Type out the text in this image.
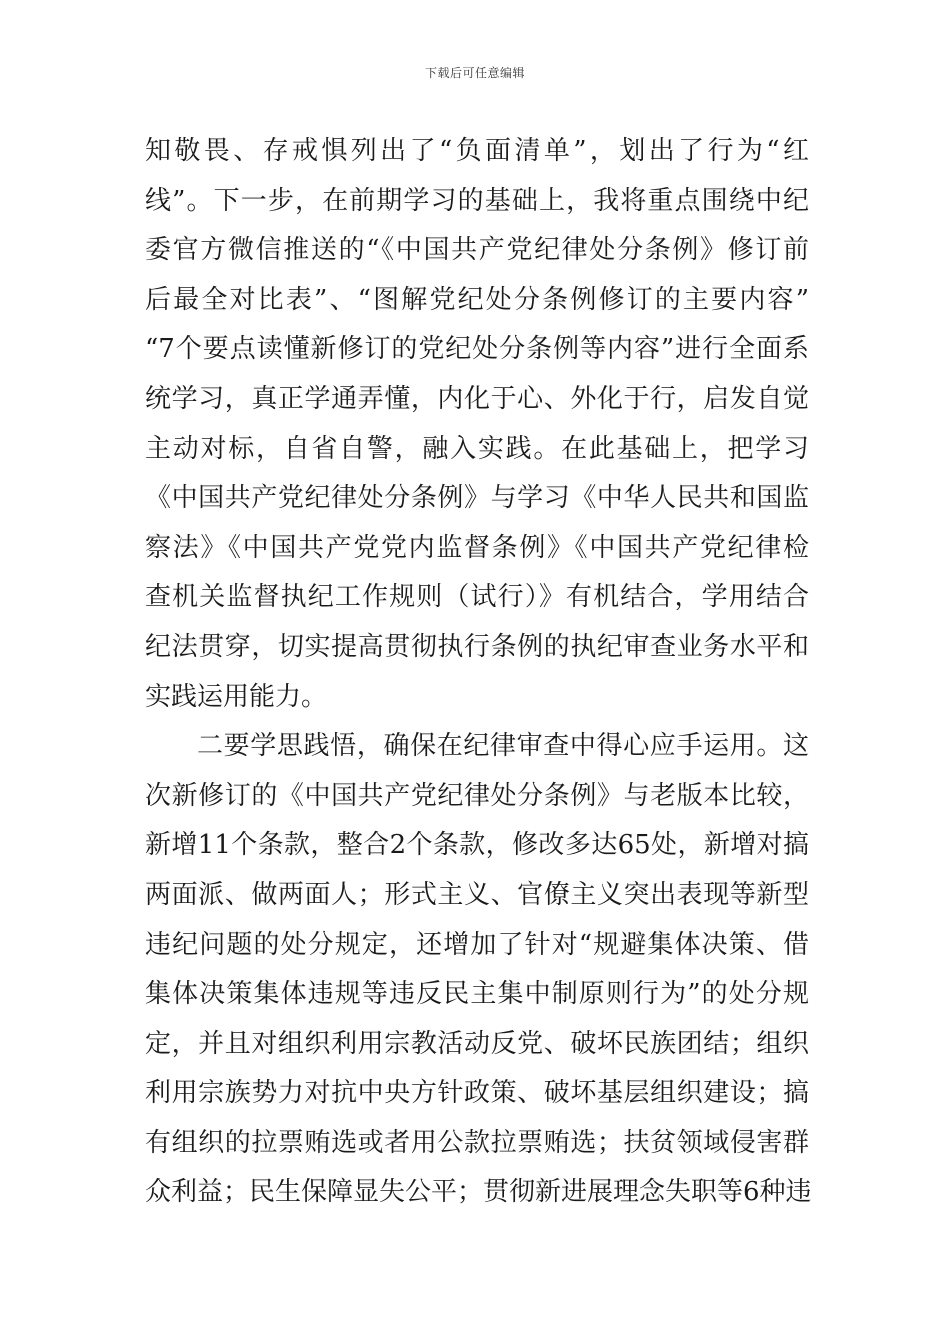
下载后可任意编辑
知敬畏、存戒惧列出了“负面清单”，划出了行为“红
线”。下一步，在前期学习的基础上，我将重点围绕中纪
委官方微信推送的“《中国共产党纪律处分条例》修订前
后最全对比表”、“图解党纪处分条例修订的主要内容”
“7个要点读懂新修订的党纪处分条例等内容”进行全面系
统学习，真正学通弄懂，内化于心、外化于行，启发自觉
主动对标，自省自警，融入实践。在此基础上，把学习
《中国共产党纪律处分条例》与学习《中华人民共和国监
察法》《中国共产党党内监督条例》《中国共产党纪律检
查机关监督执纪工作规则（试行）》有机结合，学用结合
纪法贯穿，切实提高贯彻执行条例的执纪审查业务水平和
实践运用能力。
二要学思践悟，确保在纪律审查中得心应手运用。这
次新修订的《中国共产党纪律处分条例》与老版本比较，
新增11个条款，整合2个条款，修改多达65处，新增对搞
两面派、做两面人；形式主义、官僚主义突出表现等新型
违纪问题的处分规定，还增加了针对“规避集体决策、借
集体决策集体违规等违反民主集中制原则行为”的处分规
定，并且对组织利用宗教活动反党、破坏民族团结；组织
利用宗族势力对抗中央方针政策、破坏基层组织建设；搞
有组织的拉票贿选或者用公款拉票贿选；扶贫领域侵害群
众利益；民生保障显失公平；贯彻新进展理念失职等6种违
